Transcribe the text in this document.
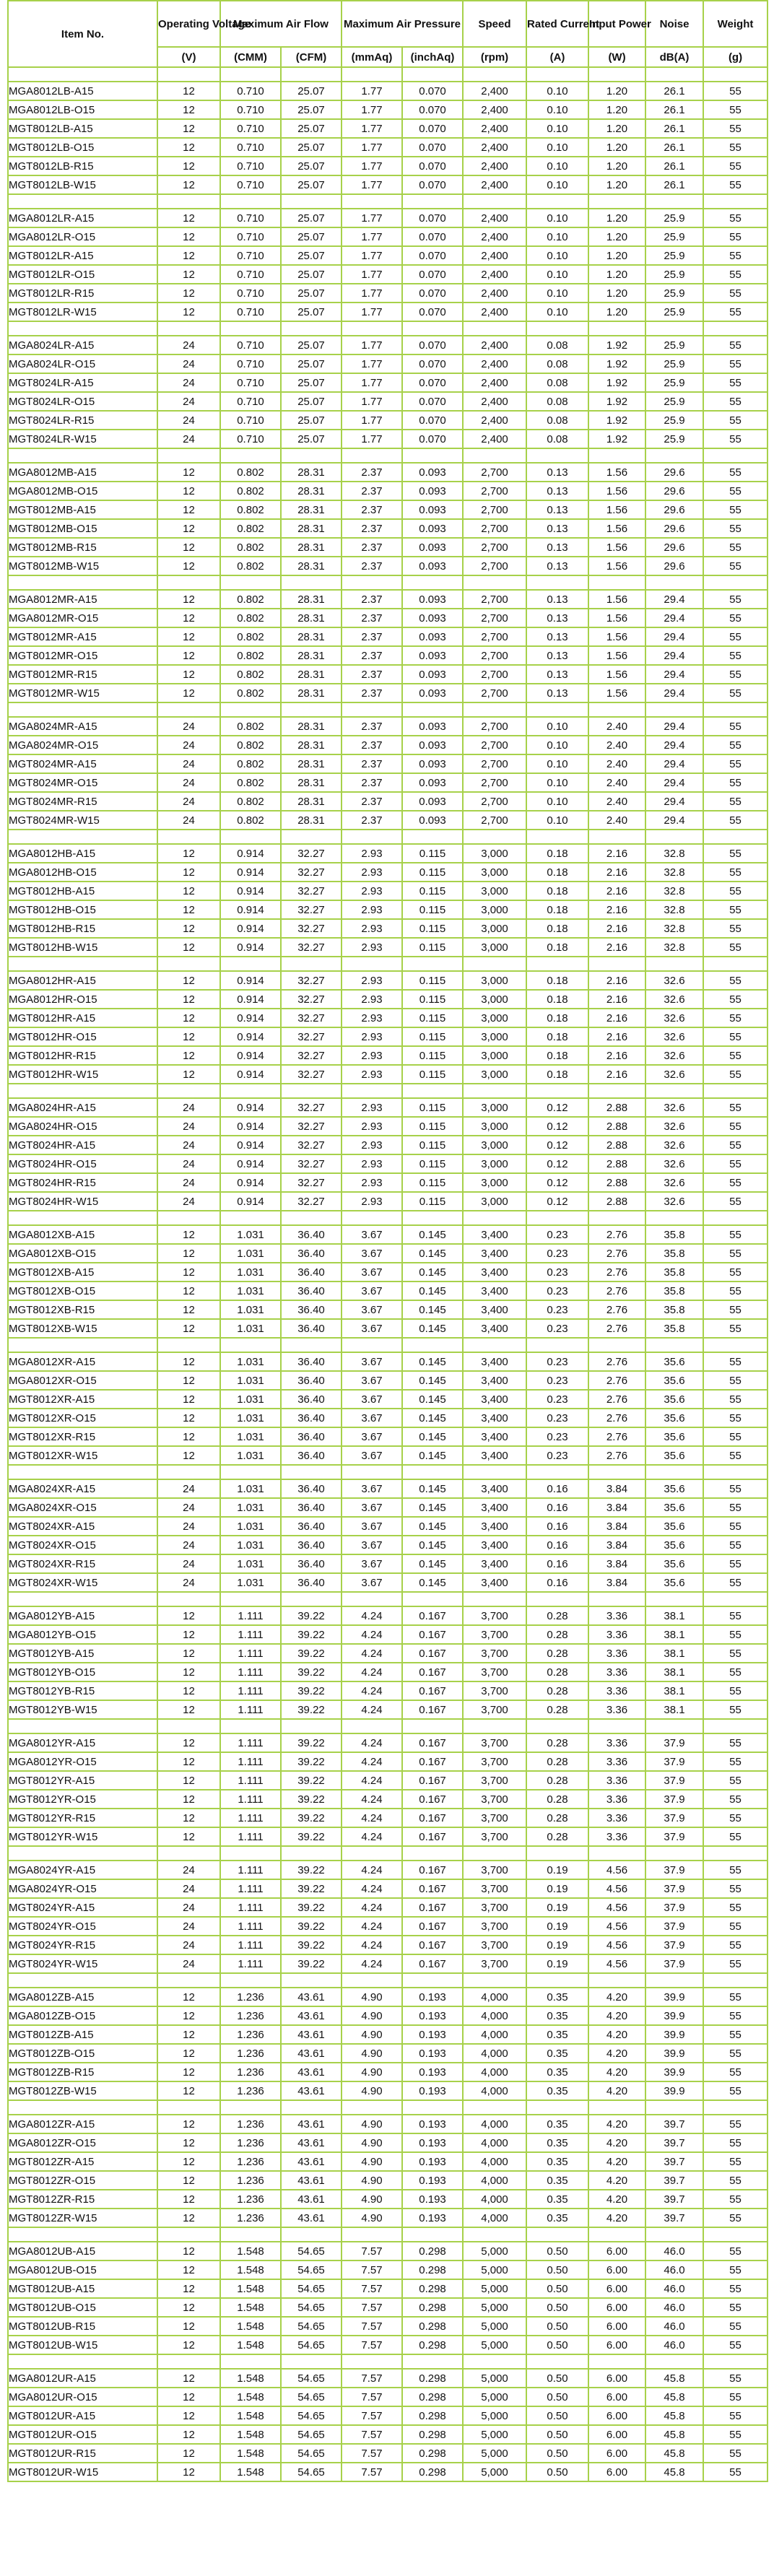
Item No.	Operating Voltage	Maximum Air Flow		Maximum Air Pressure		Speed	Rated Current	Input Power	Noise	Weight
	(V)	(CMM)	(CFM)	(mmAq)	(inchAq)	(rpm)	(A)	(W)	dB(A)	(g)

MGA8012LB-A15	12	0.710	25.07	1.77	0.070	2,400	0.10	1.20	26.1	55
MGA8012LB-O15	12	0.710	25.07	1.77	0.070	2,400	0.10	1.20	26.1	55
MGT8012LB-A15	12	0.710	25.07	1.77	0.070	2,400	0.10	1.20	26.1	55
MGT8012LB-O15	12	0.710	25.07	1.77	0.070	2,400	0.10	1.20	26.1	55
MGT8012LB-R15	12	0.710	25.07	1.77	0.070	2,400	0.10	1.20	26.1	55
MGT8012LB-W15	12	0.710	25.07	1.77	0.070	2,400	0.10	1.20	26.1	55

MGA8012LR-A15	12	0.710	25.07	1.77	0.070	2,400	0.10	1.20	25.9	55
MGA8012LR-O15	12	0.710	25.07	1.77	0.070	2,400	0.10	1.20	25.9	55
MGT8012LR-A15	12	0.710	25.07	1.77	0.070	2,400	0.10	1.20	25.9	55
MGT8012LR-O15	12	0.710	25.07	1.77	0.070	2,400	0.10	1.20	25.9	55
MGT8012LR-R15	12	0.710	25.07	1.77	0.070	2,400	0.10	1.20	25.9	55
MGT8012LR-W15	12	0.710	25.07	1.77	0.070	2,400	0.10	1.20	25.9	55

MGA8024LR-A15	24	0.710	25.07	1.77	0.070	2,400	0.08	1.92	25.9	55
MGA8024LR-O15	24	0.710	25.07	1.77	0.070	2,400	0.08	1.92	25.9	55
MGT8024LR-A15	24	0.710	25.07	1.77	0.070	2,400	0.08	1.92	25.9	55
MGT8024LR-O15	24	0.710	25.07	1.77	0.070	2,400	0.08	1.92	25.9	55
MGT8024LR-R15	24	0.710	25.07	1.77	0.070	2,400	0.08	1.92	25.9	55
MGT8024LR-W15	24	0.710	25.07	1.77	0.070	2,400	0.08	1.92	25.9	55

MGA8012MB-A15	12	0.802	28.31	2.37	0.093	2,700	0.13	1.56	29.6	55
MGA8012MB-O15	12	0.802	28.31	2.37	0.093	2,700	0.13	1.56	29.6	55
MGT8012MB-A15	12	0.802	28.31	2.37	0.093	2,700	0.13	1.56	29.6	55
MGT8012MB-O15	12	0.802	28.31	2.37	0.093	2,700	0.13	1.56	29.6	55
MGT8012MB-R15	12	0.802	28.31	2.37	0.093	2,700	0.13	1.56	29.6	55
MGT8012MB-W15	12	0.802	28.31	2.37	0.093	2,700	0.13	1.56	29.6	55

MGA8012MR-A15	12	0.802	28.31	2.37	0.093	2,700	0.13	1.56	29.4	55
MGA8012MR-O15	12	0.802	28.31	2.37	0.093	2,700	0.13	1.56	29.4	55
MGT8012MR-A15	12	0.802	28.31	2.37	0.093	2,700	0.13	1.56	29.4	55
MGT8012MR-O15	12	0.802	28.31	2.37	0.093	2,700	0.13	1.56	29.4	55
MGT8012MR-R15	12	0.802	28.31	2.37	0.093	2,700	0.13	1.56	29.4	55
MGT8012MR-W15	12	0.802	28.31	2.37	0.093	2,700	0.13	1.56	29.4	55

MGA8024MR-A15	24	0.802	28.31	2.37	0.093	2,700	0.10	2.40	29.4	55
MGA8024MR-O15	24	0.802	28.31	2.37	0.093	2,700	0.10	2.40	29.4	55
MGT8024MR-A15	24	0.802	28.31	2.37	0.093	2,700	0.10	2.40	29.4	55
MGT8024MR-O15	24	0.802	28.31	2.37	0.093	2,700	0.10	2.40	29.4	55
MGT8024MR-R15	24	0.802	28.31	2.37	0.093	2,700	0.10	2.40	29.4	55
MGT8024MR-W15	24	0.802	28.31	2.37	0.093	2,700	0.10	2.40	29.4	55

MGA8012HB-A15	12	0.914	32.27	2.93	0.115	3,000	0.18	2.16	32.8	55
MGA8012HB-O15	12	0.914	32.27	2.93	0.115	3,000	0.18	2.16	32.8	55
MGT8012HB-A15	12	0.914	32.27	2.93	0.115	3,000	0.18	2.16	32.8	55
MGT8012HB-O15	12	0.914	32.27	2.93	0.115	3,000	0.18	2.16	32.8	55
MGT8012HB-R15	12	0.914	32.27	2.93	0.115	3,000	0.18	2.16	32.8	55
MGT8012HB-W15	12	0.914	32.27	2.93	0.115	3,000	0.18	2.16	32.8	55

MGA8012HR-A15	12	0.914	32.27	2.93	0.115	3,000	0.18	2.16	32.6	55
MGA8012HR-O15	12	0.914	32.27	2.93	0.115	3,000	0.18	2.16	32.6	55
MGT8012HR-A15	12	0.914	32.27	2.93	0.115	3,000	0.18	2.16	32.6	55
MGT8012HR-O15	12	0.914	32.27	2.93	0.115	3,000	0.18	2.16	32.6	55
MGT8012HR-R15	12	0.914	32.27	2.93	0.115	3,000	0.18	2.16	32.6	55
MGT8012HR-W15	12	0.914	32.27	2.93	0.115	3,000	0.18	2.16	32.6	55

MGA8024HR-A15	24	0.914	32.27	2.93	0.115	3,000	0.12	2.88	32.6	55
MGA8024HR-O15	24	0.914	32.27	2.93	0.115	3,000	0.12	2.88	32.6	55
MGT8024HR-A15	24	0.914	32.27	2.93	0.115	3,000	0.12	2.88	32.6	55
MGT8024HR-O15	24	0.914	32.27	2.93	0.115	3,000	0.12	2.88	32.6	55
MGT8024HR-R15	24	0.914	32.27	2.93	0.115	3,000	0.12	2.88	32.6	55
MGT8024HR-W15	24	0.914	32.27	2.93	0.115	3,000	0.12	2.88	32.6	55

MGA8012XB-A15	12	1.031	36.40	3.67	0.145	3,400	0.23	2.76	35.8	55
MGA8012XB-O15	12	1.031	36.40	3.67	0.145	3,400	0.23	2.76	35.8	55
MGT8012XB-A15	12	1.031	36.40	3.67	0.145	3,400	0.23	2.76	35.8	55
MGT8012XB-O15	12	1.031	36.40	3.67	0.145	3,400	0.23	2.76	35.8	55
MGT8012XB-R15	12	1.031	36.40	3.67	0.145	3,400	0.23	2.76	35.8	55
MGT8012XB-W15	12	1.031	36.40	3.67	0.145	3,400	0.23	2.76	35.8	55

MGA8012XR-A15	12	1.031	36.40	3.67	0.145	3,400	0.23	2.76	35.6	55
MGA8012XR-O15	12	1.031	36.40	3.67	0.145	3,400	0.23	2.76	35.6	55
MGT8012XR-A15	12	1.031	36.40	3.67	0.145	3,400	0.23	2.76	35.6	55
MGT8012XR-O15	12	1.031	36.40	3.67	0.145	3,400	0.23	2.76	35.6	55
MGT8012XR-R15	12	1.031	36.40	3.67	0.145	3,400	0.23	2.76	35.6	55
MGT8012XR-W15	12	1.031	36.40	3.67	0.145	3,400	0.23	2.76	35.6	55

MGA8024XR-A15	24	1.031	36.40	3.67	0.145	3,400	0.16	3.84	35.6	55
MGA8024XR-O15	24	1.031	36.40	3.67	0.145	3,400	0.16	3.84	35.6	55
MGT8024XR-A15	24	1.031	36.40	3.67	0.145	3,400	0.16	3.84	35.6	55
MGT8024XR-O15	24	1.031	36.40	3.67	0.145	3,400	0.16	3.84	35.6	55
MGT8024XR-R15	24	1.031	36.40	3.67	0.145	3,400	0.16	3.84	35.6	55
MGT8024XR-W15	24	1.031	36.40	3.67	0.145	3,400	0.16	3.84	35.6	55

MGA8012YB-A15	12	1.111	39.22	4.24	0.167	3,700	0.28	3.36	38.1	55
MGA8012YB-O15	12	1.111	39.22	4.24	0.167	3,700	0.28	3.36	38.1	55
MGT8012YB-A15	12	1.111	39.22	4.24	0.167	3,700	0.28	3.36	38.1	55
MGT8012YB-O15	12	1.111	39.22	4.24	0.167	3,700	0.28	3.36	38.1	55
MGT8012YB-R15	12	1.111	39.22	4.24	0.167	3,700	0.28	3.36	38.1	55
MGT8012YB-W15	12	1.111	39.22	4.24	0.167	3,700	0.28	3.36	38.1	55

MGA8012YR-A15	12	1.111	39.22	4.24	0.167	3,700	0.28	3.36	37.9	55
MGA8012YR-O15	12	1.111	39.22	4.24	0.167	3,700	0.28	3.36	37.9	55
MGT8012YR-A15	12	1.111	39.22	4.24	0.167	3,700	0.28	3.36	37.9	55
MGT8012YR-O15	12	1.111	39.22	4.24	0.167	3,700	0.28	3.36	37.9	55
MGT8012YR-R15	12	1.111	39.22	4.24	0.167	3,700	0.28	3.36	37.9	55
MGT8012YR-W15	12	1.111	39.22	4.24	0.167	3,700	0.28	3.36	37.9	55

MGA8024YR-A15	24	1.111	39.22	4.24	0.167	3,700	0.19	4.56	37.9	55
MGA8024YR-O15	24	1.111	39.22	4.24	0.167	3,700	0.19	4.56	37.9	55
MGT8024YR-A15	24	1.111	39.22	4.24	0.167	3,700	0.19	4.56	37.9	55
MGT8024YR-O15	24	1.111	39.22	4.24	0.167	3,700	0.19	4.56	37.9	55
MGT8024YR-R15	24	1.111	39.22	4.24	0.167	3,700	0.19	4.56	37.9	55
MGT8024YR-W15	24	1.111	39.22	4.24	0.167	3,700	0.19	4.56	37.9	55

MGA8012ZB-A15	12	1.236	43.61	4.90	0.193	4,000	0.35	4.20	39.9	55
MGA8012ZB-O15	12	1.236	43.61	4.90	0.193	4,000	0.35	4.20	39.9	55
MGT8012ZB-A15	12	1.236	43.61	4.90	0.193	4,000	0.35	4.20	39.9	55
MGT8012ZB-O15	12	1.236	43.61	4.90	0.193	4,000	0.35	4.20	39.9	55
MGT8012ZB-R15	12	1.236	43.61	4.90	0.193	4,000	0.35	4.20	39.9	55
MGT8012ZB-W15	12	1.236	43.61	4.90	0.193	4,000	0.35	4.20	39.9	55

MGA8012ZR-A15	12	1.236	43.61	4.90	0.193	4,000	0.35	4.20	39.7	55
MGA8012ZR-O15	12	1.236	43.61	4.90	0.193	4,000	0.35	4.20	39.7	55
MGT8012ZR-A15	12	1.236	43.61	4.90	0.193	4,000	0.35	4.20	39.7	55
MGT8012ZR-O15	12	1.236	43.61	4.90	0.193	4,000	0.35	4.20	39.7	55
MGT8012ZR-R15	12	1.236	43.61	4.90	0.193	4,000	0.35	4.20	39.7	55
MGT8012ZR-W15	12	1.236	43.61	4.90	0.193	4,000	0.35	4.20	39.7	55

MGA8012UB-A15	12	1.548	54.65	7.57	0.298	5,000	0.50	6.00	46.0	55
MGA8012UB-O15	12	1.548	54.65	7.57	0.298	5,000	0.50	6.00	46.0	55
MGT8012UB-A15	12	1.548	54.65	7.57	0.298	5,000	0.50	6.00	46.0	55
MGT8012UB-O15	12	1.548	54.65	7.57	0.298	5,000	0.50	6.00	46.0	55
MGT8012UB-R15	12	1.548	54.65	7.57	0.298	5,000	0.50	6.00	46.0	55
MGT8012UB-W15	12	1.548	54.65	7.57	0.298	5,000	0.50	6.00	46.0	55

MGA8012UR-A15	12	1.548	54.65	7.57	0.298	5,000	0.50	6.00	45.8	55
MGA8012UR-O15	12	1.548	54.65	7.57	0.298	5,000	0.50	6.00	45.8	55
MGT8012UR-A15	12	1.548	54.65	7.57	0.298	5,000	0.50	6.00	45.8	55
MGT8012UR-O15	12	1.548	54.65	7.57	0.298	5,000	0.50	6.00	45.8	55
MGT8012UR-R15	12	1.548	54.65	7.57	0.298	5,000	0.50	6.00	45.8	55
MGT8012UR-W15	12	1.548	54.65	7.57	0.298	5,000	0.50	6.00	45.8	55
